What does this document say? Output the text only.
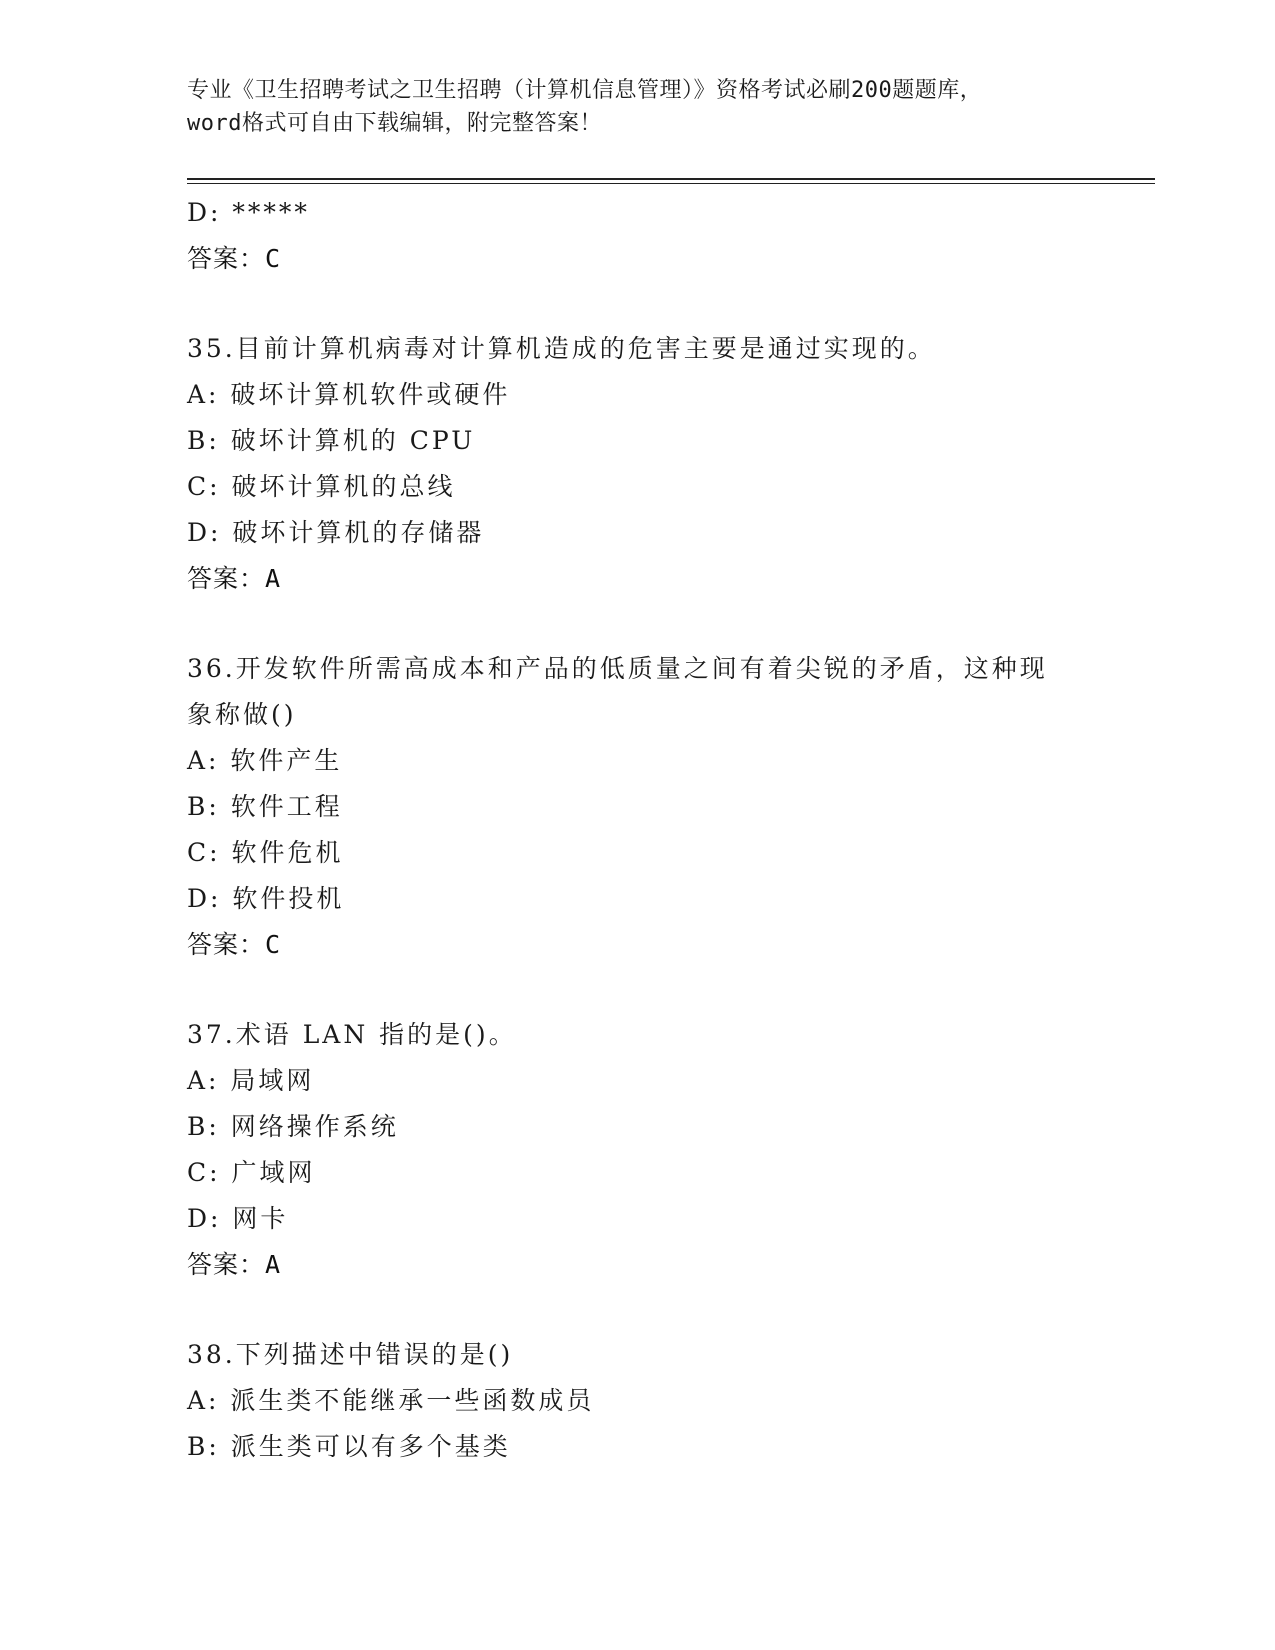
专业《卫生招聘考试之卫生招聘（计算机信息管理）》资格考试必刷200题题库，
word格式可自由下载编辑，附完整答案！
D: *****
答案：C
35.目前计算机病毒对计算机造成的危害主要是通过实现的。
A: 破坏计算机软件或硬件
B: 破坏计算机的 CPU
C: 破坏计算机的总线
D: 破坏计算机的存储器
答案：A
36.开发软件所需高成本和产品的低质量之间有着尖锐的矛盾，这种现
象称做()
A: 软件产生
B: 软件工程
C: 软件危机
D: 软件投机
答案：C
37.术语 LAN 指的是()。
A: 局域网
B: 网络操作系统
C: 广域网
D: 网卡
答案：A
38.下列描述中错误的是()
A: 派生类不能继承一些函数成员
B: 派生类可以有多个基类
